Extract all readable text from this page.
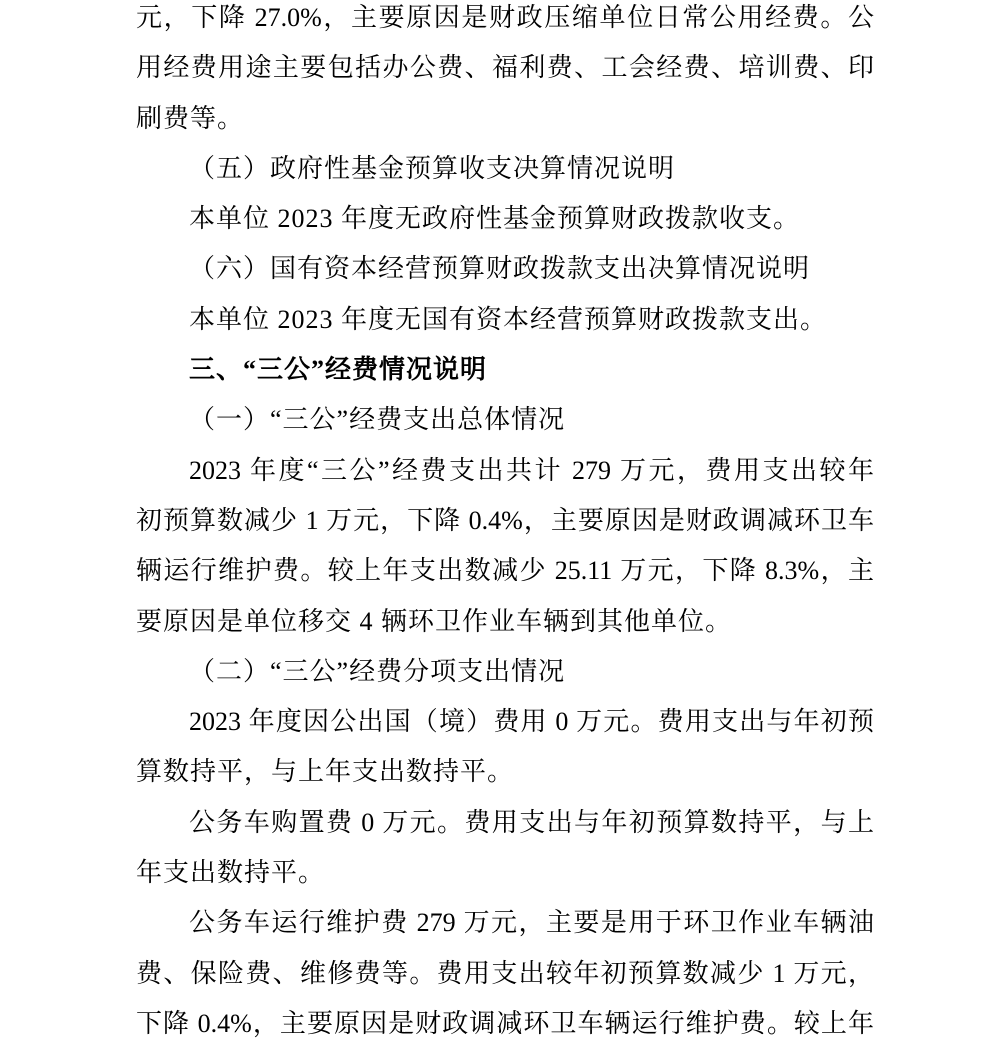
元，下降 27.0%，主要原因是财政压缩单位日常公用经费。公
用经费用途主要包括办公费、福利费、工会经费、培训费、印
刷费等。
（五）政府性基金预算收支决算情况说明
本单位 2023 年度无政府性基金预算财政拨款收支。
（六）国有资本经营预算财政拨款支出决算情况说明
本单位 2023 年度无国有资本经营预算财政拨款支出。
三、“三公”经费情况说明
（一）“三公”经费支出总体情况
2023 年度“三公”经费支出共计 279 万元，费用支出较年
初预算数减少 1 万元，下降 0.4%，主要原因是财政调减环卫车
辆运行维护费。较上年支出数减少 25.11 万元，下降 8.3%，主
要原因是单位移交 4 辆环卫作业车辆到其他单位。
（二）“三公”经费分项支出情况
2023 年度因公出国（境）费用 0 万元。费用支出与年初预
算数持平，与上年支出数持平。
公务车购置费 0 万元。费用支出与年初预算数持平，与上
年支出数持平。
公务车运行维护费 279 万元，主要是用于环卫作业车辆油
费、保险费、维修费等。费用支出较年初预算数减少 1 万元，
下降 0.4%，主要原因是财政调减环卫车辆运行维护费。较上年
